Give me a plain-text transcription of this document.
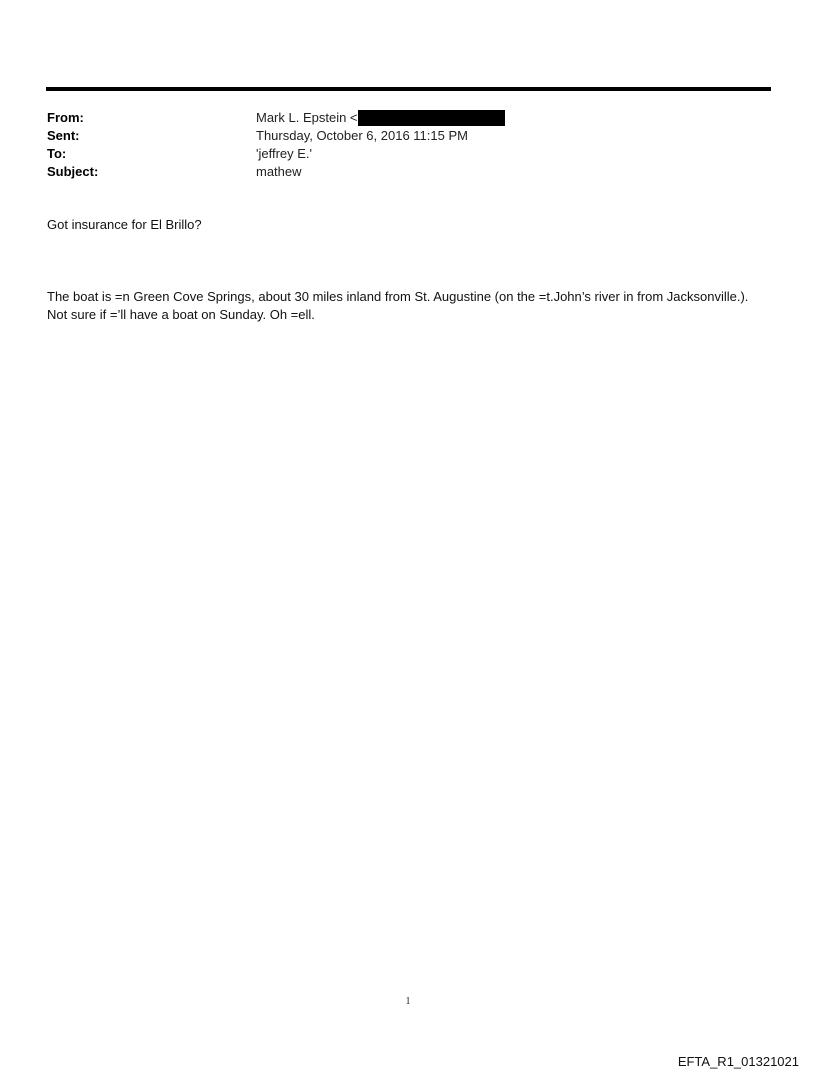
From:	Mark L. Epstein <
Sent:	Thursday, October 6, 2016 11:15 PM
To:	'jeffrey E.'
Subject:	mathew
Got insurance for El Brillo?
The boat is =n Green Cove Springs, about 30 miles inland from St. Augustine (on the =t.John’s river in from Jacksonville.).
Not sure if =’ll have a boat on Sunday. Oh =ell.
1
EFTA_R1_01321021
